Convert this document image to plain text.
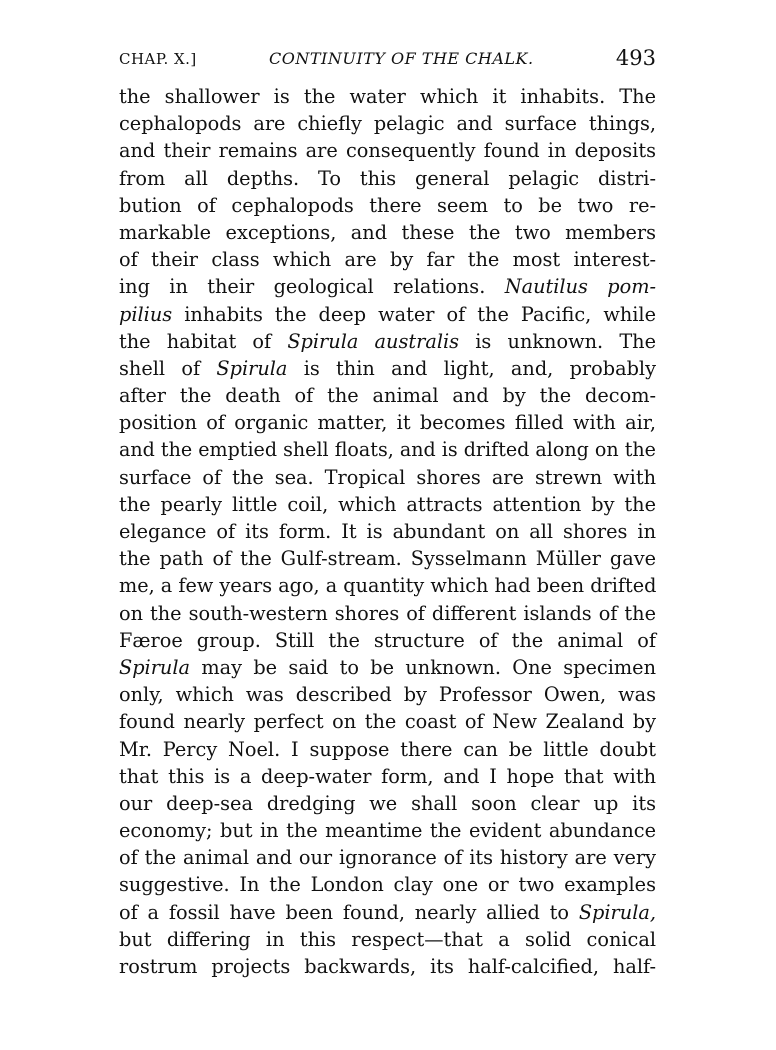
CHAP. X.]	CONTINUITY OF THE CHALK.	493
the shallower is the water which it inhabits. The
cephalopods are chiefly pelagic and surface things,
and their remains are consequently found in deposits
from all depths. To this general pelagic distri-
bution of cephalopods there seem to be two re-
markable exceptions, and these the two members
of their class which are by far the most interest-
ing in their geological relations. Nautilus pom-
pilius inhabits the deep water of the Pacific, while
the habitat of Spirula australis is unknown. The
shell of Spirula is thin and light, and, probably
after the death of the animal and by the decom-
position of organic matter, it becomes filled with air,
and the emptied shell floats, and is drifted along on the
surface of the sea. Tropical shores are strewn with
the pearly little coil, which attracts attention by the
elegance of its form. It is abundant on all shores in
the path of the Gulf-stream. Sysselmann Müller gave
me, a few years ago, a quantity which had been drifted
on the south-western shores of different islands of the
Fӕroe group. Still the structure of the animal of
Spirula may be said to be unknown. One specimen
only, which was described by Professor Owen, was
found nearly perfect on the coast of New Zealand by
Mr. Percy Noel. I suppose there can be little doubt
that this is a deep-water form, and I hope that with
our deep-sea dredging we shall soon clear up its
economy; but in the meantime the evident abundance
of the animal and our ignorance of its history are very
suggestive. In the London clay one or two examples
of a fossil have been found, nearly allied to Spirula,
but differing in this respect—that a solid conical
rostrum projects backwards, its half-calcified, half-
